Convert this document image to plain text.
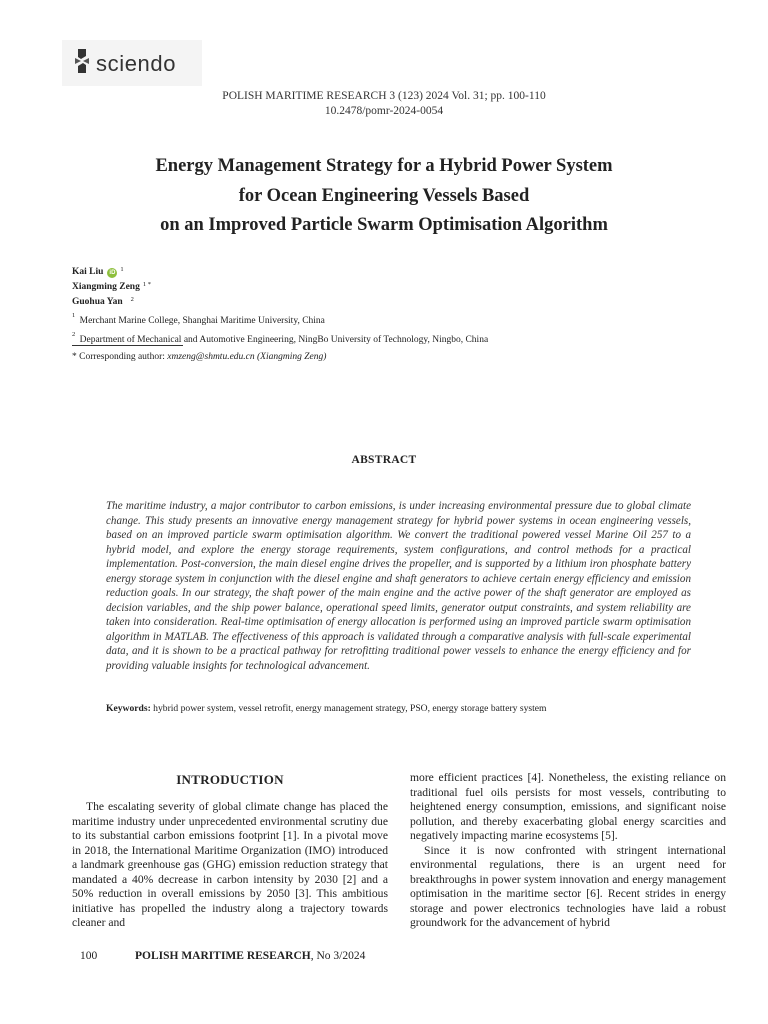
sciendo
POLISH MARITIME RESEARCH 3 (123) 2024 Vol. 31; pp. 100-110
10.2478/pomr-2024-0054
Energy Management Strategy for a Hybrid Power System
for Ocean Engineering Vessels Based
on an Improved Particle Swarm Optimisation Algorithm
Kai Liu	iD $^1$
Xiangming Zeng $^{1 *}$
Guohua Yan $^2$
$^1$ Merchant Marine College, Shanghai Maritime University, China
$^2$ Department of Mechanical and Automotive Engineering, NingBo University of Technology, Ningbo, China
* Corresponding author: xmzeng@shmtu.edu.cn (Xiangming Zeng)
ABSTRACT
The maritime industry, a major contributor to carbon emissions, is under increasing environmental pressure due to global climate change. This study presents an innovative energy management strategy for hybrid power systems in ocean engineering vessels, based on an improved particle swarm optimisation algorithm. We convert the traditional powered vessel Marine Oil 257 to a hybrid model, and explore the energy storage requirements, system configurations, and control methods for a practical implementation. Post-conversion, the main diesel engine drives the propeller, and is supported by a lithium iron phosphate battery energy storage system in conjunction with the diesel engine and shaft generators to achieve certain energy efficiency and emission reduction goals. In our strategy, the shaft power of the main engine and the active power of the shaft generator are employed as decision variables, and the ship power balance, operational speed limits, generator output constraints, and system reliability are taken into consideration. Real-time optimisation of energy allocation is performed using an improved particle swarm optimisation algorithm in MATLAB. The effectiveness of this approach is validated through a comparative analysis with full-scale experimental data, and it is shown to be a practical pathway for retrofitting traditional power vessels to enhance the energy efficiency and for providing valuable insights for technological advancement.
Keywords: hybrid power system, vessel retrofit, energy management strategy, PSO, energy storage battery system
INTRODUCTION

The escalating severity of global climate change has placed the maritime industry under unprecedented environmental scrutiny due to its substantial carbon emissions footprint [1]. In a pivotal move in 2018, the International Maritime Organization (IMO) introduced a landmark greenhouse gas (GHG) emission reduction strategy that mandated a 40% decrease in carbon intensity by 2030 [2] and a 50% reduction in overall emissions by 2050 [3]. This ambitious initiative has propelled the industry along a trajectory towards cleaner and

more efficient practices [4]. Nonetheless, the existing reliance on traditional fuel oils persists for most vessels, contributing to heightened energy consumption, emissions, and significant noise pollution, and thereby exacerbating global energy scarcities and negatively impacting marine ecosystems [5].

Since it is now confronted with stringent international environmental regulations, there is an urgent need for breakthroughs in power system innovation and energy management optimisation in the maritime sector [6]. Recent strides in energy storage and power electronics technologies have laid a robust groundwork for the advancement of hybrid

100	POLISH MARITIME RESEARCH, No 3/2024
